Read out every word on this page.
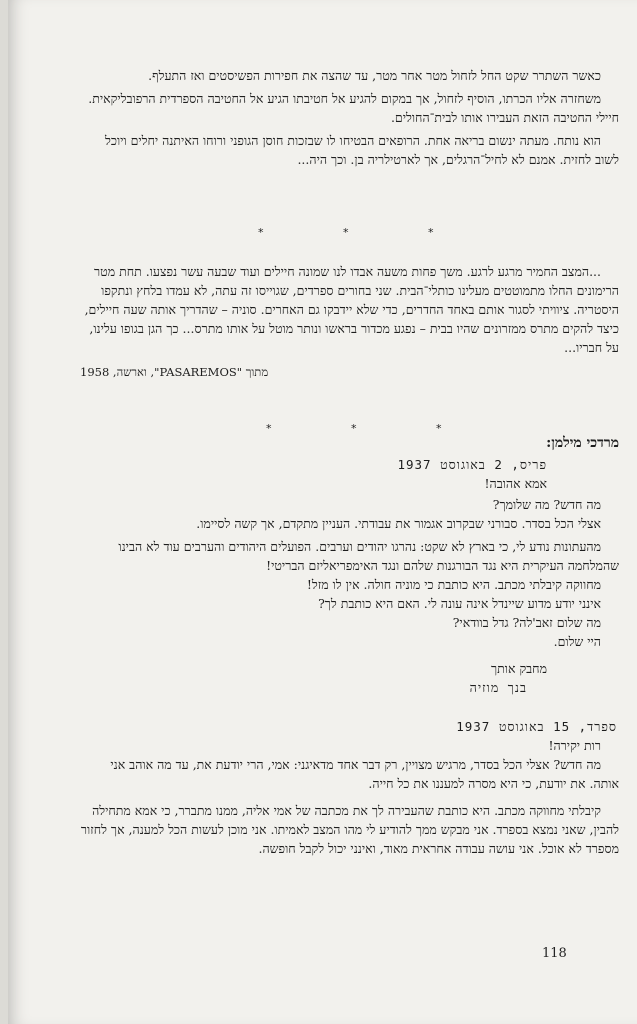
כאשר השתרר שקט החל לזחול מטר אחר מטר, עד שהצה את חפירות הפשיסטים ואז התעלף.

משחזרה אליו הכרתו, הוסיף לזחול, אך במקום להגיע אל חטיבתו הגיע אל החטיבה הספרדית הרפובליקאית. חיילי החטיבה הזאת העבירו אותו לבית־החולים.

הוא נותח. מעתה ינשום בריאה אחת. הרופאים הבטיחו לו שבזכות חוסן הגופני ורוחו האיתנה יחלים ויוכל לשוב לחזית. אמנם לא לחיל־הרגלים, אך לארטילריה בן. וכך היה...

* * *

...המצב החמיר מרגע לרגע. משך פחות משעה אבדו לנו שמונה חיילים ועוד שבעה עשר נפצעו. תחת מטר הרימונים החלו מתמוטטים מעלינו כותלי־הבית. שני בחורים ספרדים, שגוייסו זה עתה, לא עמדו בלחץ ונתקפו היסטריה. ציוויתי לסגור אותם באחד החדרים, כדי שלא יידבקו גם האחרים. סוניה – שהדריך אותה שעה חיילים, כיצד להקים מתרס ממזרונים שהיו בבית – נפגע מכדור בראשו ונותר מוטל על אותו מתרס... כך הגן בגופו עלינו, על חבריו...

מתוך "PASAREMOS", וארשה, 1958

* * *

מרדכי מילמן:

פריס, 2 באוגוסט 1937

אמא אהובה!

מה חדש? מה שלומך?

אצלי הכל בסדר. סבורני שבקרוב אגמור את עבודתי. העניין מתקדם, אך קשה לסיימו.

מהעתונות נודע לי, כי בארץ לא שקט: נהרגו יהודים וערבים. הפועלים היהודים והערבים עוד לא הבינו שהמלחמה העיקרית היא נגד הבורגנות שלהם ונגד האימפריאליזם הבריטי!

מחווקה קיבלתי מכתב. היא כותבת כי מוניה חולה. אין לו מזל!

אינני יודע מדוע שיינדל אינה עונה לי. האם היא כותבת לך?

מה שלום זאב'לה? גדל בוודאי?

היי שלום.

מחבק אותך

בנך מוזיה

ספרד, 15 באוגוסט 1937

רות יקירה!

מה חדש? אצלי הכל בסדר, מרגיש מצויין, רק דבר אחד מדאיגני: אמי, הרי יודעת את, עד מה אוהב אני אותה. את יודעת, כי היא מסרה למעננו את כל חייה.

קיבלתי מחווקה מכתב. היא כותבת שהעבירה לך את מכתבה של אמי אליה, ממנו מתברר, כי אמא מתחילה להבין, שאני נמצא בספרד. אני מבקש ממך להודיע לי מהו המצב לאמיתו. אני מוכן לעשות הכל למענה, אך לחזור מספרד לא אוכל. אני עושה עבודה אחראית מאוד, ואינני יכול לקבל חופשה.

118
